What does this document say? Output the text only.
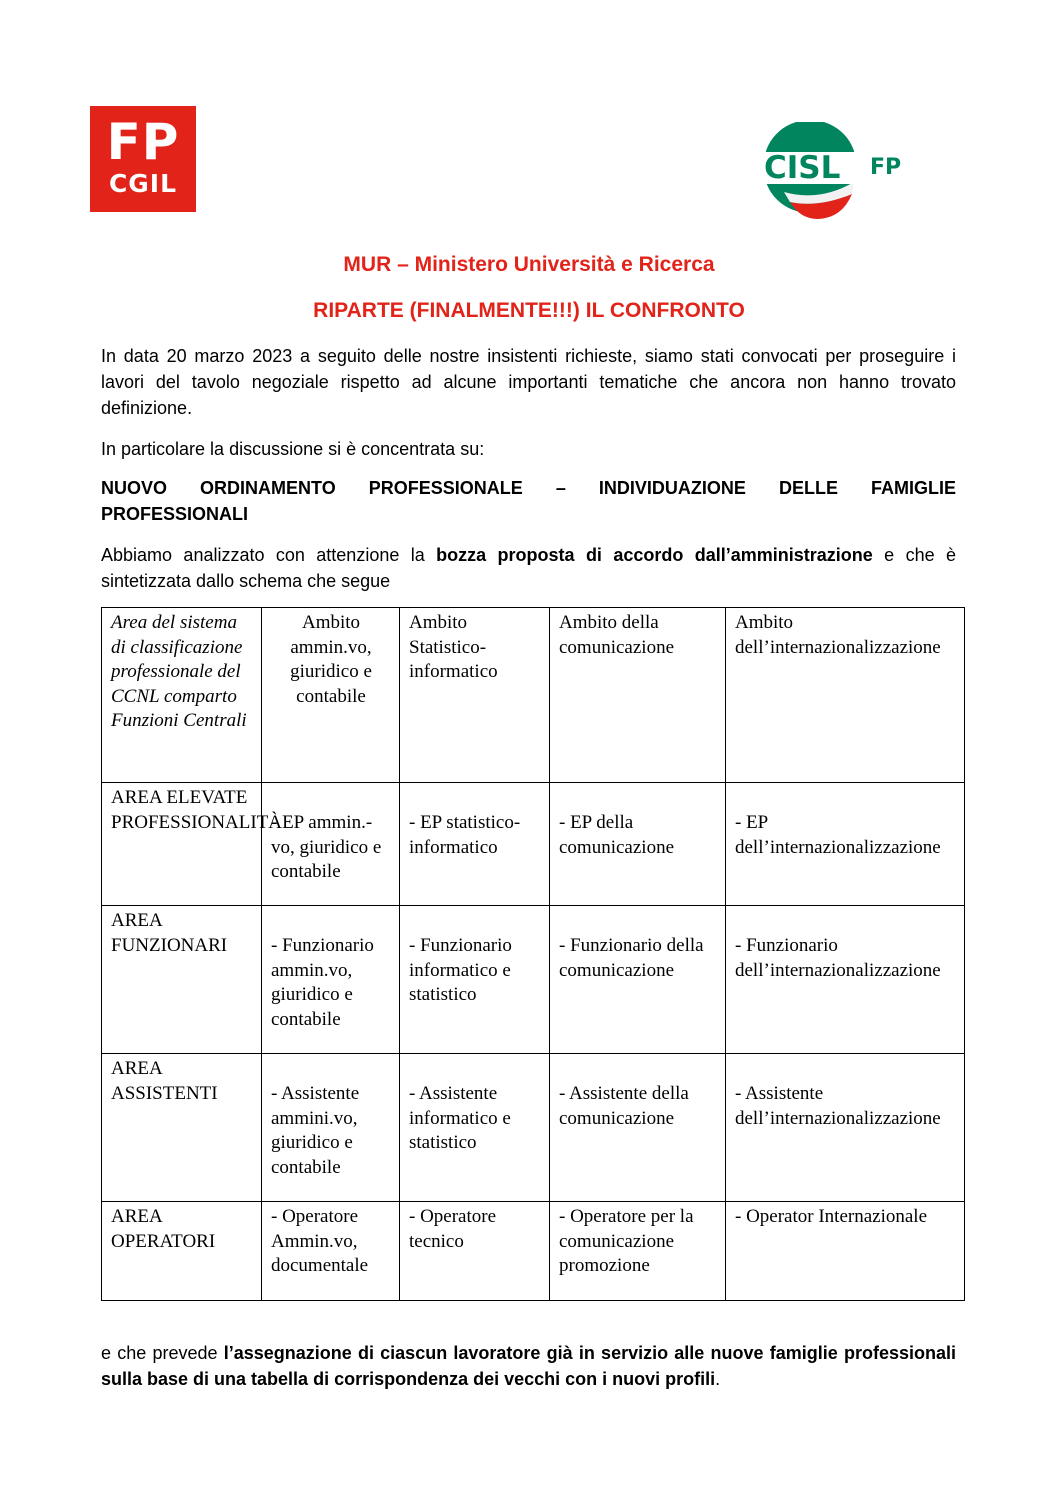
FP
CGIL	CISL FP
MUR – Ministero Università e Ricerca
RIPARTE (FINALMENTE!!!) IL CONFRONTO

In data 20 marzo 2023 a seguito delle nostre insistenti richieste, siamo stati convocati per proseguire i lavori del tavolo negoziale rispetto ad alcune importanti tematiche che ancora non hanno trovato definizione.

In particolare la discussione si è concentrata su:

NUOVO ORDINAMENTO PROFESSIONALE – INDIVIDUAZIONE DELLE FAMIGLIE
PROFESSIONALI

Abbiamo analizzato con attenzione la bozza proposta di accordo dall’amministrazione e che è sintetizzata dallo schema che segue

Area del sistema di classificazione professionale del CCNL comparto Funzioni Centrali	Ambito ammin.vo, giuridico e contabile	Ambito Statistico- informatico	Ambito della comunicazione	Ambito dell’internazionalizzazione
AREA ELEVATE PROFESSIONALITÀ	- EP ammin.-vo, giuridico e contabile	- EP statistico-informatico	- EP della comunicazione	- EP dell’internazionalizzazione
AREA FUNZIONARI	- Funzionario ammin.vo, giuridico e contabile	- Funzionario informatico e statistico	- Funzionario della comunicazione	- Funzionario dell’internazionalizzazione
AREA ASSISTENTI	- Assistente ammini.vo, giuridico e contabile	- Assistente informatico e statistico	- Assistente della comunicazione	- Assistente dell’internazionalizzazione
AREA OPERATORI	- Operatore Ammin.vo, documentale	- Operatore tecnico	- Operatore per la comunicazione promozione	- Operator Internazionale

e che prevede l’assegnazione di ciascun lavoratore già in servizio alle nuove famiglie professionali sulla base di una tabella di corrispondenza dei vecchi con i nuovi profili.
